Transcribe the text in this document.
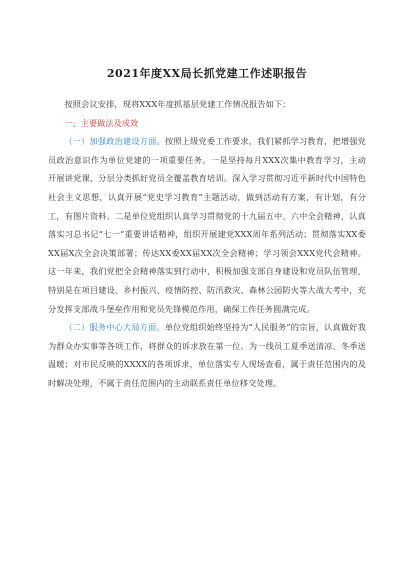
2021年度XX局长抓党建工作述职报告

按照会议安排，现将XXX年度抓基层党建工作情况报告如下：

一、主要做法及成效

（一）加强政治建设方面。按照上级党委工作要求，我们紧抓学习教育，把增强党员政治意识作为单位党建的一项重要任务。一是坚持每月XXX次集中教育学习，主动开展讲党课，分层分类抓好党员全覆盖教育培训。深入学习贯彻习近平新时代中国特色社会主义思想，认真开展“党史学习教育”主题活动，做到活动有方案，有计划，有分工，有图片资料。二是单位党组织认真学习贯彻党的十九届五中、六中全会精神，认真落实习总书记“七一”重要讲话精神，组织开展建党XXX周年系列活动；贯彻落实XX委XX届X次全会决策部署；传达XX委XX届XX次全会精神；学习领会XXX党代会精神。这一年来，我们党把全会精神落实到行动中，积极加强支部自身建设和党员队伍管理，特别是在项目建设、乡村振兴、疫情防控、防汛救灾、森林公园防火等大战大考中，充分发挥支部战斗堡垒作用和党员先锋模范作用，确保工作任务圆满完成。

（二）服务中心大局方面。单位党组织始终坚持为“人民服务”的宗旨，认真做好我为群众办实事等各项工作，将群众的诉求放在第一位。为一线员工夏季送清凉、冬季送温暖；对市民反映的XXXX的各项诉求，单位落实专人现场查看，属于责任范围内的及时解决处理，不属于责任范围内的主动联系责任单位移交处理。
